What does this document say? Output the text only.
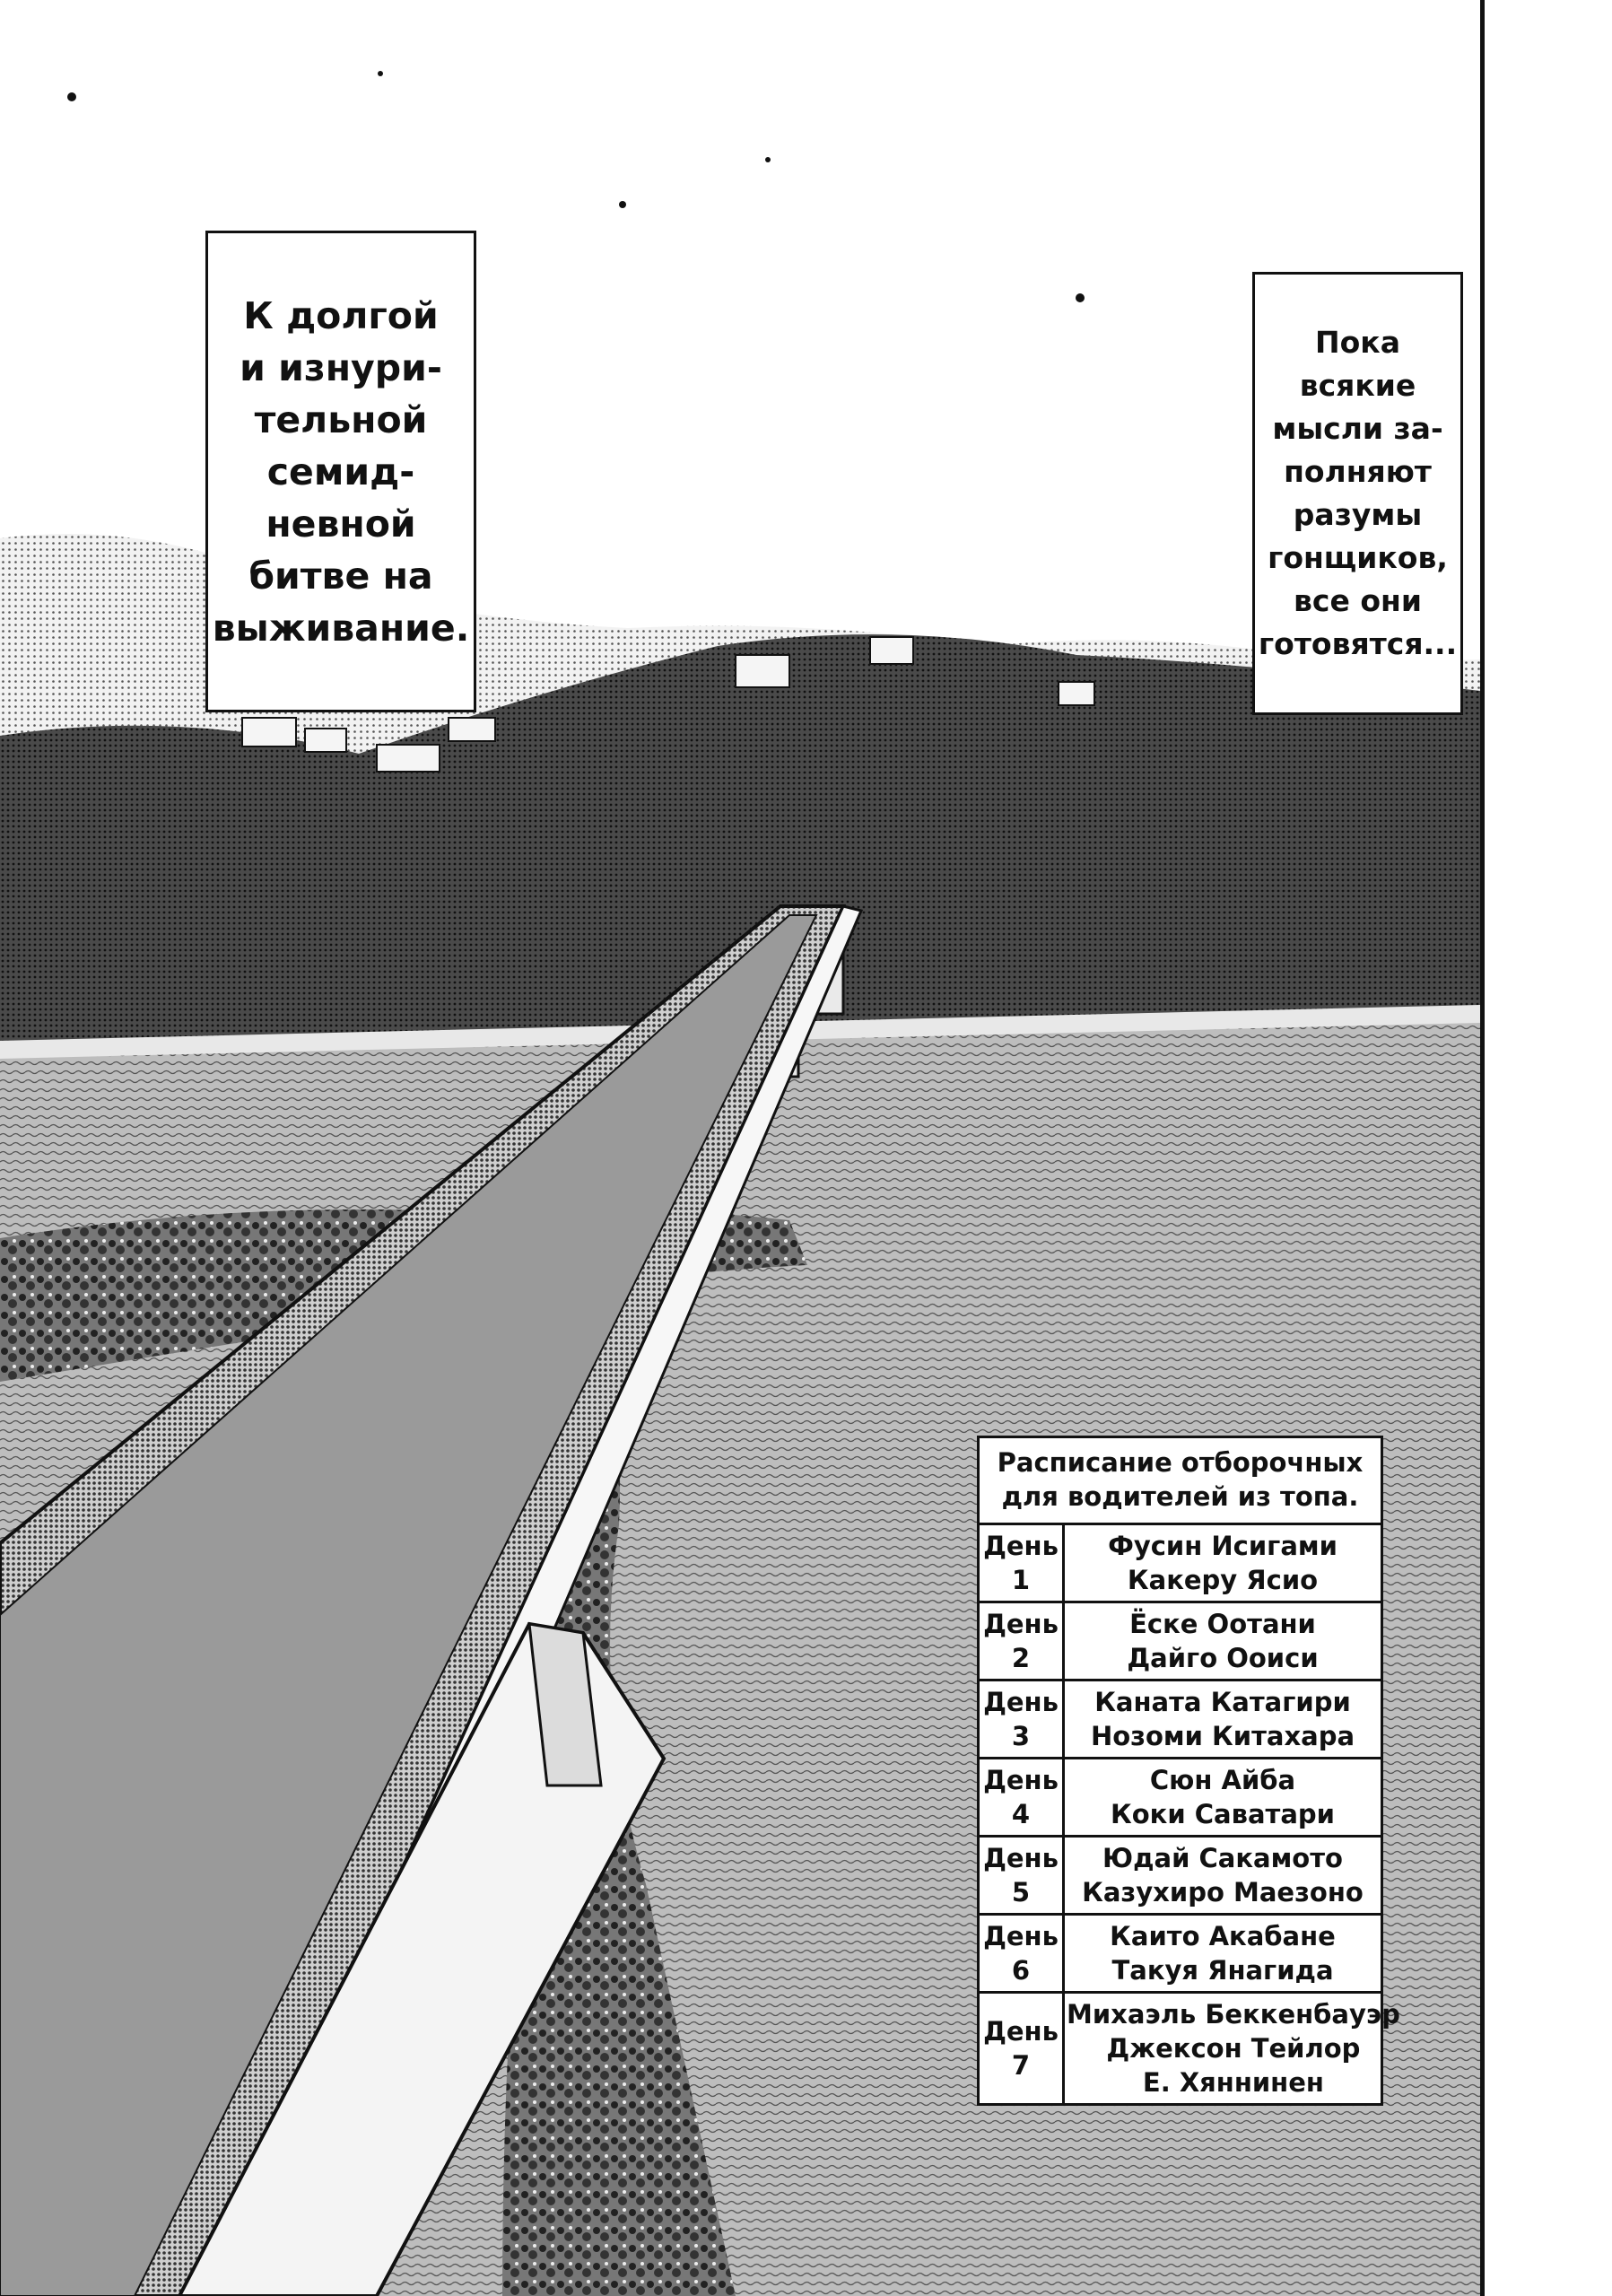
К долгой
и изнури-
тельной
семид-
невной
битве на
выживание.
Пока
всякие
мысли за-
полняют
разумы
гонщиков,
все они
готовятся...
Расписание отборочных
для водителей из топа.
День
1
Фусин Исигами
Какеру Ясио
День
2
Ёске Оотани
Дайго Ооиси
День
3
Каната Катагири
Нозоми Китахара
День
4
Сюн Айба
Коки Саватари
День
5
Юдай Сакамото
Казухиро Маезоно
День
6
Каито Акабане
Такуя Янагида
День
7
Михаэль Беккенбауэр
Джексон Тейлор
Е. Хяннинен
